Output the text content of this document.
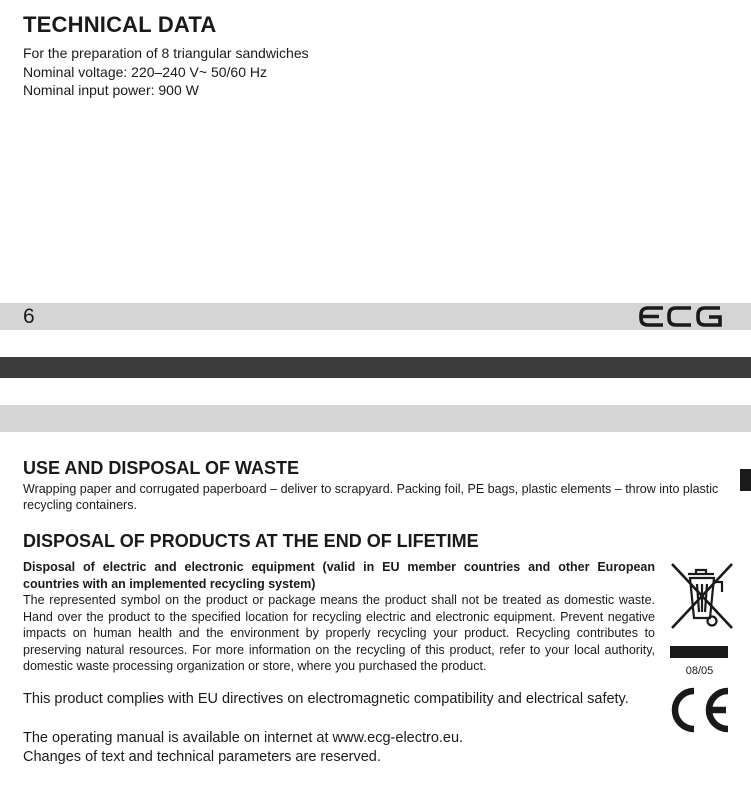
TECHNICAL DATA
For the preparation of 8 triangular sandwiches
Nominal voltage: 220–240 V~ 50/60 Hz
Nominal input power: 900 W
6
USE AND DISPOSAL OF WASTE
Wrapping paper and corrugated paperboard – deliver to scrapyard. Packing foil, PE bags, plastic elements – throw into plastic recycling containers.
DISPOSAL OF PRODUCTS AT THE END OF LIFETIME
Disposal of electric and electronic equipment (valid in EU member countries and other European countries with an implemented recycling system)
The represented symbol on the product or package means the product shall not be treated as domestic waste. Hand over the product to the specified location for recycling electric and electronic equipment. Prevent negative impacts on human health and the environment by properly recycling your product. Recycling contributes to preserving natural resources. For more information on the recycling of this product, refer to your local authority, domestic waste processing organization or store, where you purchased the product.	08/05
This product complies with EU directives on electromagnetic compatibility and electrical safety.
The operating manual is available on internet at www.ecg-electro.eu.
Changes of text and technical parameters are reserved.
